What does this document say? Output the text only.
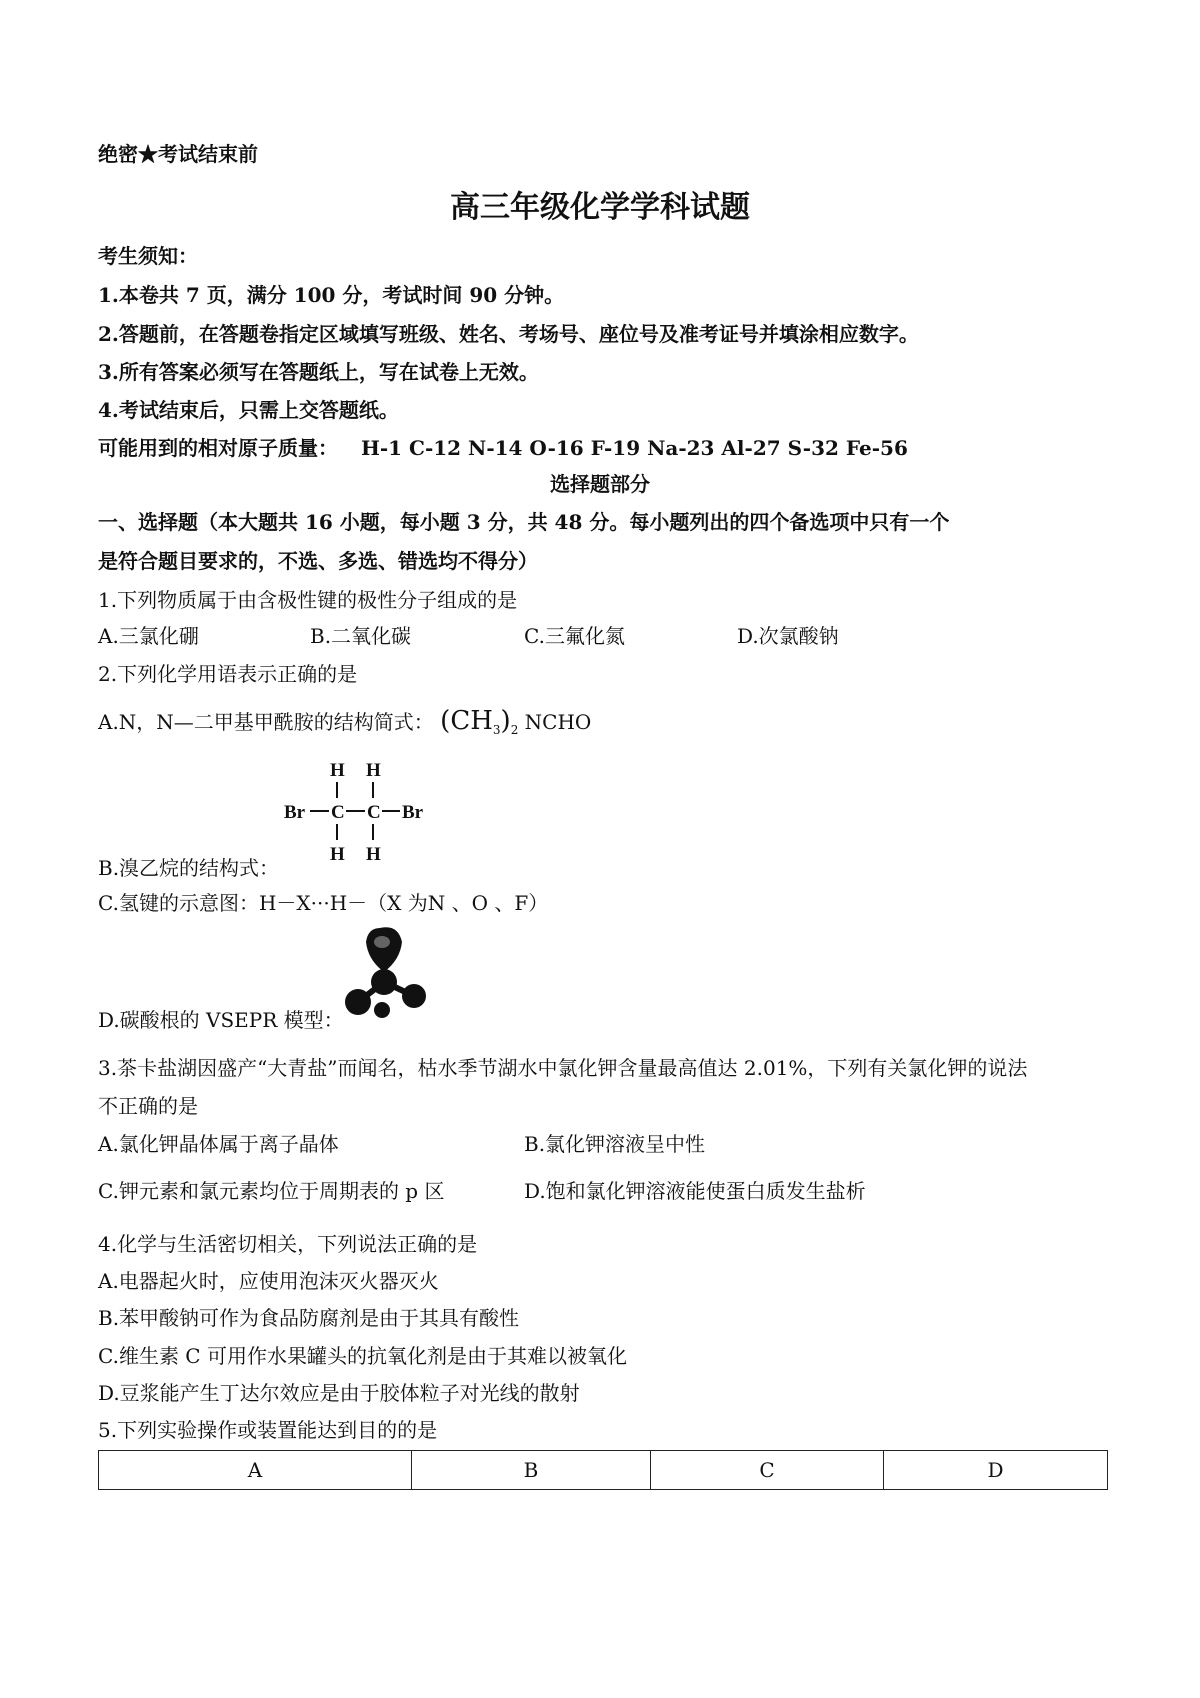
绝密★考试结束前
高三年级化学学科试题
考生须知：
1.本卷共 7 页，满分 100 分，考试时间 90 分钟。
2.答题前，在答题卷指定区域填写班级、姓名、考场号、座位号及准考证号并填涂相应数字。
3.所有答案必须写在答题纸上，写在试卷上无效。
4.考试结束后，只需上交答题纸。
可能用到的相对原子质量： H-1 C-12 N-14 O-16 F-19 Na-23 Al-27 S-32 Fe-56
选择题部分
一、选择题（本大题共 16 小题，每小题 3 分，共 48 分。每小题列出的四个备选项中只有一个
是符合题目要求的，不选、多选、错选均不得分）
1.下列物质属于由含极性键的极性分子组成的是
A.三氯化硼	B.二氧化碳	C.三氟化氮	D.次氯酸钠
2.下列化学用语表示正确的是
A.N，N—二甲基甲酰胺的结构简式： $(CH_3)_2$ NCHO
H H
Br C C Br
H H
B.溴乙烷的结构式：
C.氢键的示意图：H－X···H－（X 为N 、O 、F）
D.碳酸根的 VSEPR 模型：
3.茶卡盐湖因盛产“大青盐”而闻名，枯水季节湖水中氯化钾含量最高值达 2.01%，下列有关氯化钾的说法
不正确的是
A.氯化钾晶体属于离子晶体	B.氯化钾溶液呈中性
C.钾元素和氯元素均位于周期表的 p 区	D.饱和氯化钾溶液能使蛋白质发生盐析
4.化学与生活密切相关，下列说法正确的是
A.电器起火时，应使用泡沫灭火器灭火
B.苯甲酸钠可作为食品防腐剂是由于其具有酸性
C.维生素 C 可用作水果罐头的抗氧化剂是由于其难以被氧化
D.豆浆能产生丁达尔效应是由于胶体粒子对光线的散射
5.下列实验操作或装置能达到目的的是
A	B	C	D
